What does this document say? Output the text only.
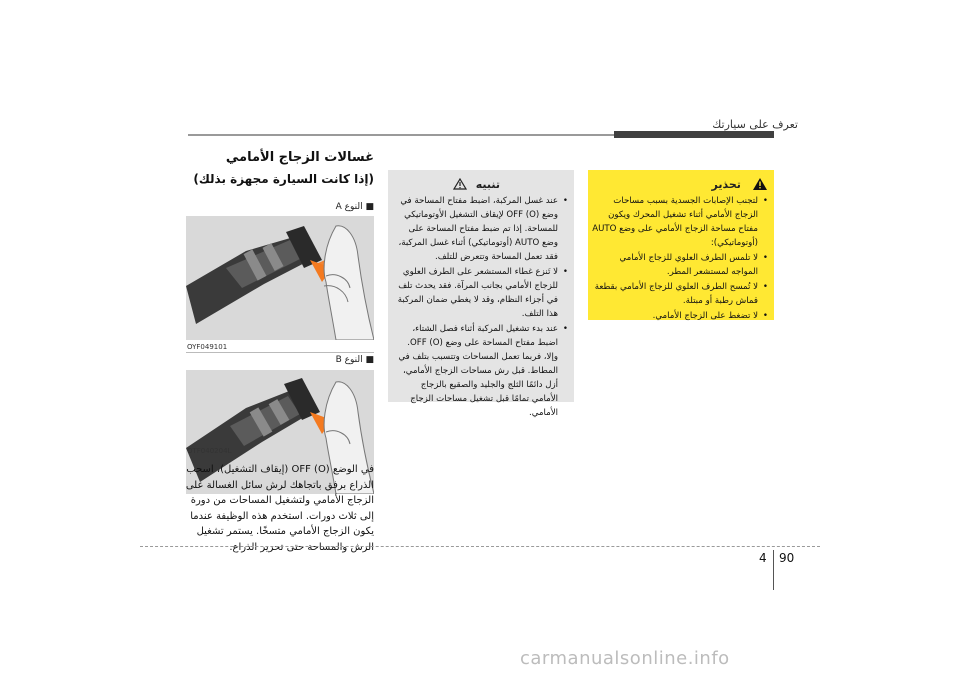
تعرف على سيارتك
غسالات الزجاج الأمامي
(إذا كانت السيارة مجهزة بذلك)
■ النوع A
OYF049101
■ النوع B
OTF040204L
في الوضع OFF (O) (إيقاف التشغيل)، اسحب الذراع برفق باتجاهك لرش سائل الغسالة على الزجاج الأمامي ولتشغيل المساحات من دورة إلى ثلاث دورات. استخدم هذه الوظيفة عندما يكون الزجاج الأمامي متسخًا. يستمر تشغيل الرش والمساحة حتى تحرير الذراع.
تنبيه
• عند غسل المركبة، اضبط مفتاح المساحة في وضع OFF (O) لإيقاف التشغيل الأوتوماتيكي للمساحة. إذا تم ضبط مفتاح المساحة على وضع AUTO (أوتوماتيكي) أثناء غسل المركبة، فقد تعمل المساحة وتتعرض للتلف.
• لا تَنزع غطاء المستشعر على الطرف العلوي للزجاج الأمامي بجانب المرآة. فقد يحدث تلف في أجزاء النظام، وقد لا يغطي ضمان المركبة هذا التلف.
• عند بدء تشغيل المركبة أثناء فصل الشتاء، اضبط مفتاح المساحة على وضع OFF (O). وإلا، فربما تعمل المساحات وتتسبب بتلف في المطاط. قبل رش مساحات الزجاج الأمامي، أزل دائمًا الثلج والجليد والصقيع بالزجاج الأمامي تمامًا قبل تشغيل مساحات الزجاج الأمامي.
تحذير
• لتجنب الإصابات الجسدية بسبب مساحات الزجاج الأمامي أثناء تشغيل المحرك ويكون مفتاح مساحة الزجاج الأمامي على وضع AUTO (أوتوماتيكي):
• لا تلمس الطرف العلوي للزجاج الأمامي المواجه لمستشعر المطر.
• لا تُمسح الطرف العلوي للزجاج الأمامي بقطعة قماش رطبة أو مبتلة.
• لا تضغط على الزجاج الأمامي.
4 90
carmanualsonline.info
